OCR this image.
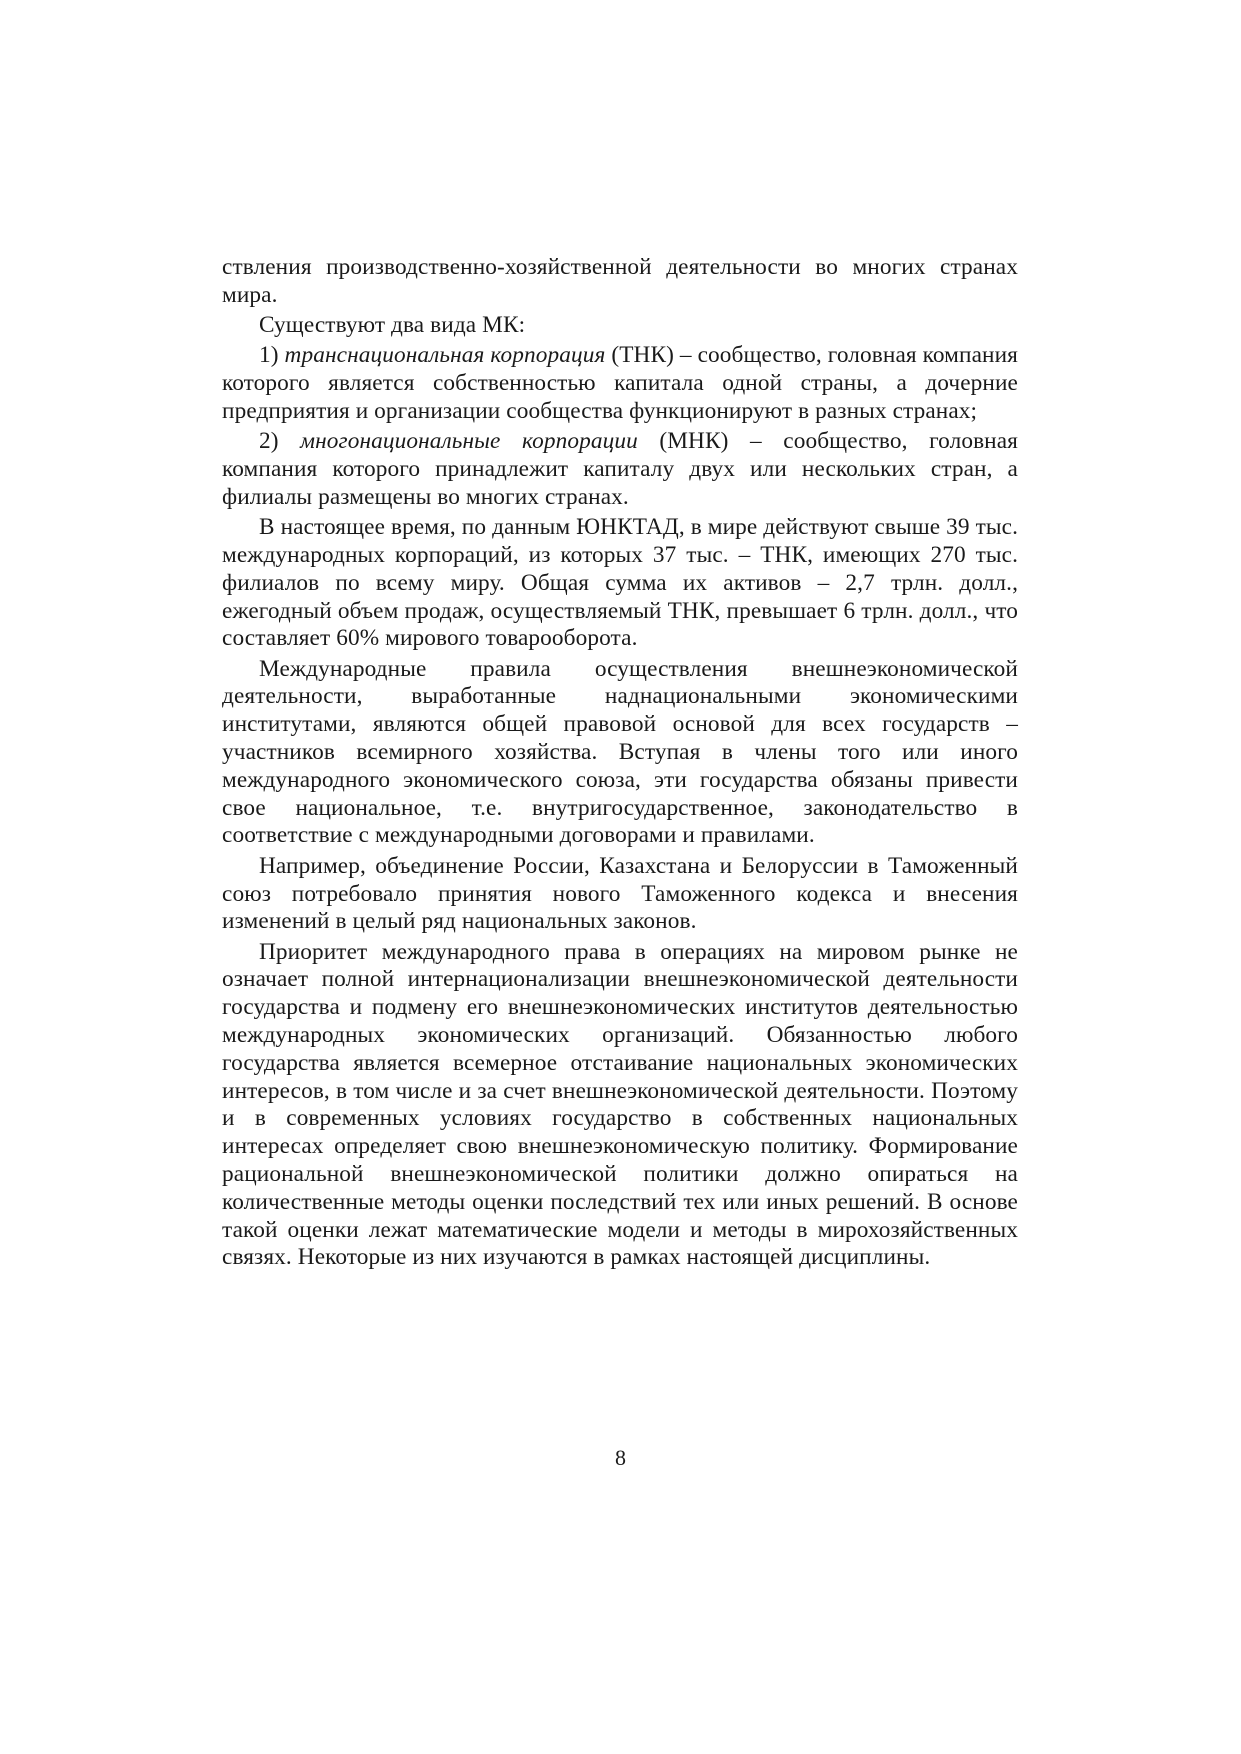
ствления производственно-хозяйственной деятельности во многих странах мира.

Существуют два вида МК:

1) транснациональная корпорация (ТНК) – сообщество, головная компания которого является собственностью капитала одной страны, а дочерние предприятия и организации сообщества функционируют в разных странах;

2) многонациональные корпорации (МНК) – сообщество, головная компания которого принадлежит капиталу двух или нескольких стран, а филиалы размещены во многих странах.

В настоящее время, по данным ЮНКТАД, в мире действуют свыше 39 тыс. международных корпораций, из которых 37 тыс. – ТНК, имеющих 270 тыс. филиалов по всему миру. Общая сумма их активов – 2,7 трлн. долл., ежегодный объем продаж, осуществляемый ТНК, превышает 6 трлн. долл., что составляет 60% мирового товарооборота.

Международные правила осуществления внешнеэкономической деятельности, выработанные наднациональными экономическими институтами, являются общей правовой основой для всех государств – участников всемирного хозяйства. Вступая в члены того или иного международного экономического союза, эти государства обязаны привести свое национальное, т.е. внутригосударственное, законодательство в соответствие с международными договорами и правилами.

Например, объединение России, Казахстана и Белоруссии в Таможенный союз потребовало принятия нового Таможенного кодекса и внесения изменений в целый ряд национальных законов.

Приоритет международного права в операциях на мировом рынке не означает полной интернационализации внешнеэкономической деятельности государства и подмену его внешнеэкономических институтов деятельностью международных экономических организаций. Обязанностью любого государства является всемерное отстаивание национальных экономических интересов, в том числе и за счет внешнеэкономической деятельности. Поэтому и в современных условиях государство в собственных национальных интересах определяет свою внешнеэкономическую политику. Формирование рациональной внешнеэкономической политики должно опираться на количественные методы оценки последствий тех или иных решений. В основе такой оценки лежат математические модели и методы в мирохозяйственных связях. Некоторые из них изучаются в рамках настоящей дисциплины.

8
